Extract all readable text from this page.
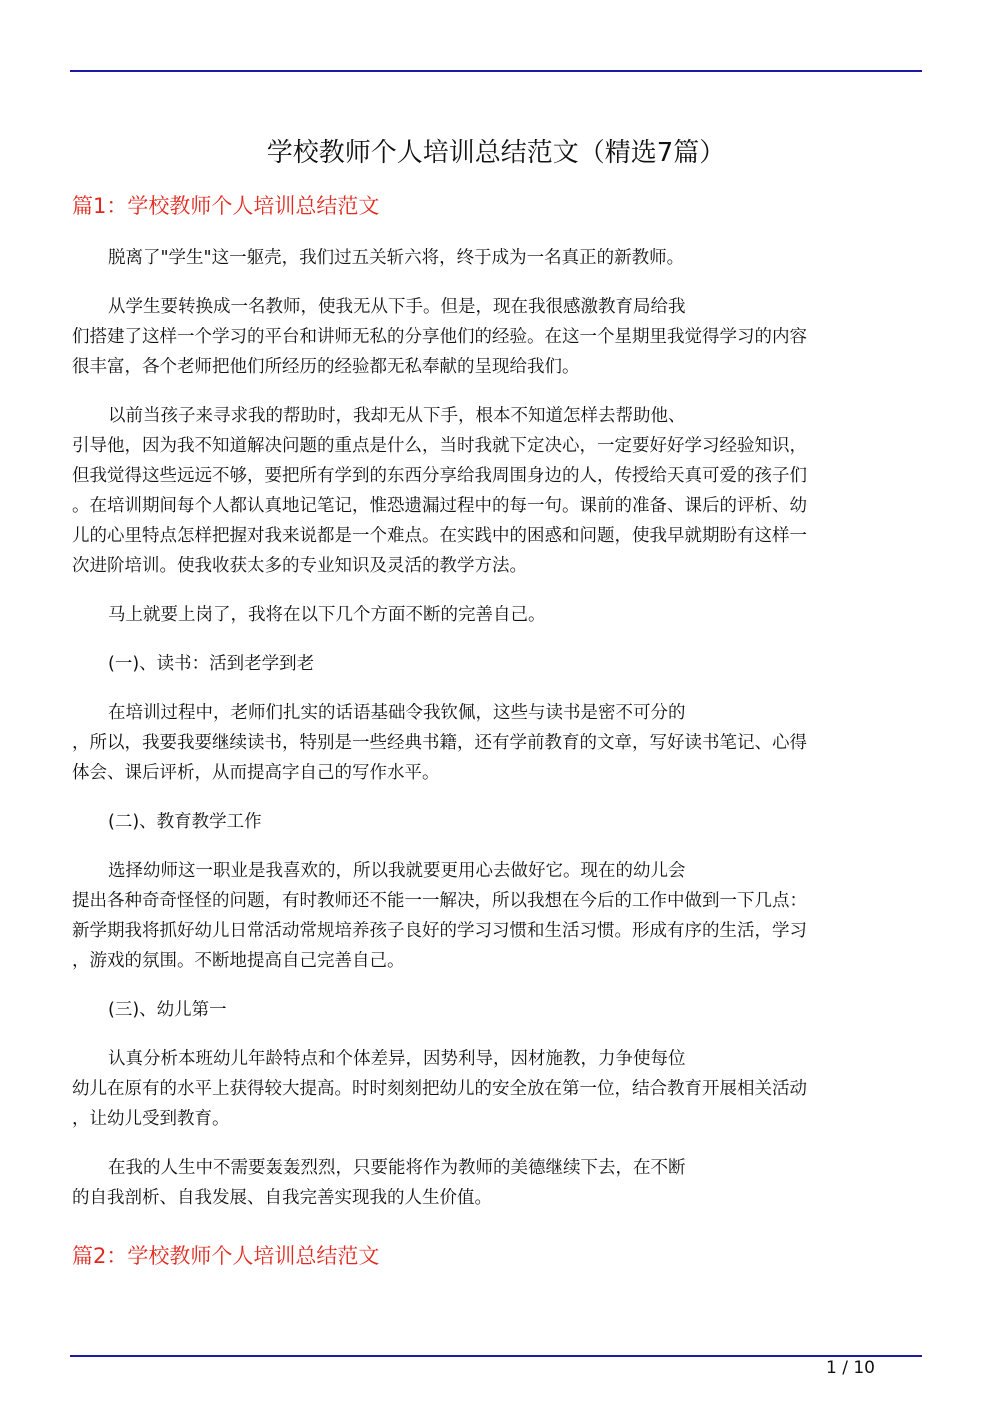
学校教师个人培训总结范文（精选7篇）
篇1：学校教师个人培训总结范文
脱离了"学生"这一躯壳，我们过五关斩六将，终于成为一名真正的新教师。
从学生要转换成一名教师，使我无从下手。但是，现在我很感激教育局给我
们搭建了这样一个学习的平台和讲师无私的分享他们的经验。在这一个星期里我觉得学习的内容
很丰富，各个老师把他们所经历的经验都无私奉献的呈现给我们。
以前当孩子来寻求我的帮助时，我却无从下手，根本不知道怎样去帮助他、
引导他，因为我不知道解决问题的重点是什么，当时我就下定决心，一定要好好学习经验知识，
但我觉得这些远远不够，要把所有学到的东西分享给我周围身边的人，传授给天真可爱的孩子们
。在培训期间每个人都认真地记笔记，惟恐遗漏过程中的每一句。课前的准备、课后的评析、幼
儿的心里特点怎样把握对我来说都是一个难点。在实践中的困惑和问题，使我早就期盼有这样一
次进阶培训。使我收获太多的专业知识及灵活的教学方法。
马上就要上岗了，我将在以下几个方面不断的完善自己。
(一)、读书：活到老学到老
在培训过程中，老师们扎实的话语基础令我钦佩，这些与读书是密不可分的
，所以，我要我要继续读书，特别是一些经典书籍，还有学前教育的文章，写好读书笔记、心得
体会、课后评析，从而提高字自己的写作水平。
(二)、教育教学工作
选择幼师这一职业是我喜欢的，所以我就要更用心去做好它。现在的幼儿会
提出各种奇奇怪怪的问题，有时教师还不能一一解决，所以我想在今后的工作中做到一下几点：
新学期我将抓好幼儿日常活动常规培养孩子良好的学习习惯和生活习惯。形成有序的生活，学习
，游戏的氛围。不断地提高自己完善自己。
(三)、幼儿第一
认真分析本班幼儿年龄特点和个体差异，因势利导，因材施教，力争使每位
幼儿在原有的水平上获得较大提高。时时刻刻把幼儿的安全放在第一位，结合教育开展相关活动
，让幼儿受到教育。
在我的人生中不需要轰轰烈烈，只要能将作为教师的美德继续下去，在不断
的自我剖析、自我发展、自我完善实现我的人生价值。
篇2：学校教师个人培训总结范文
1 / 10
